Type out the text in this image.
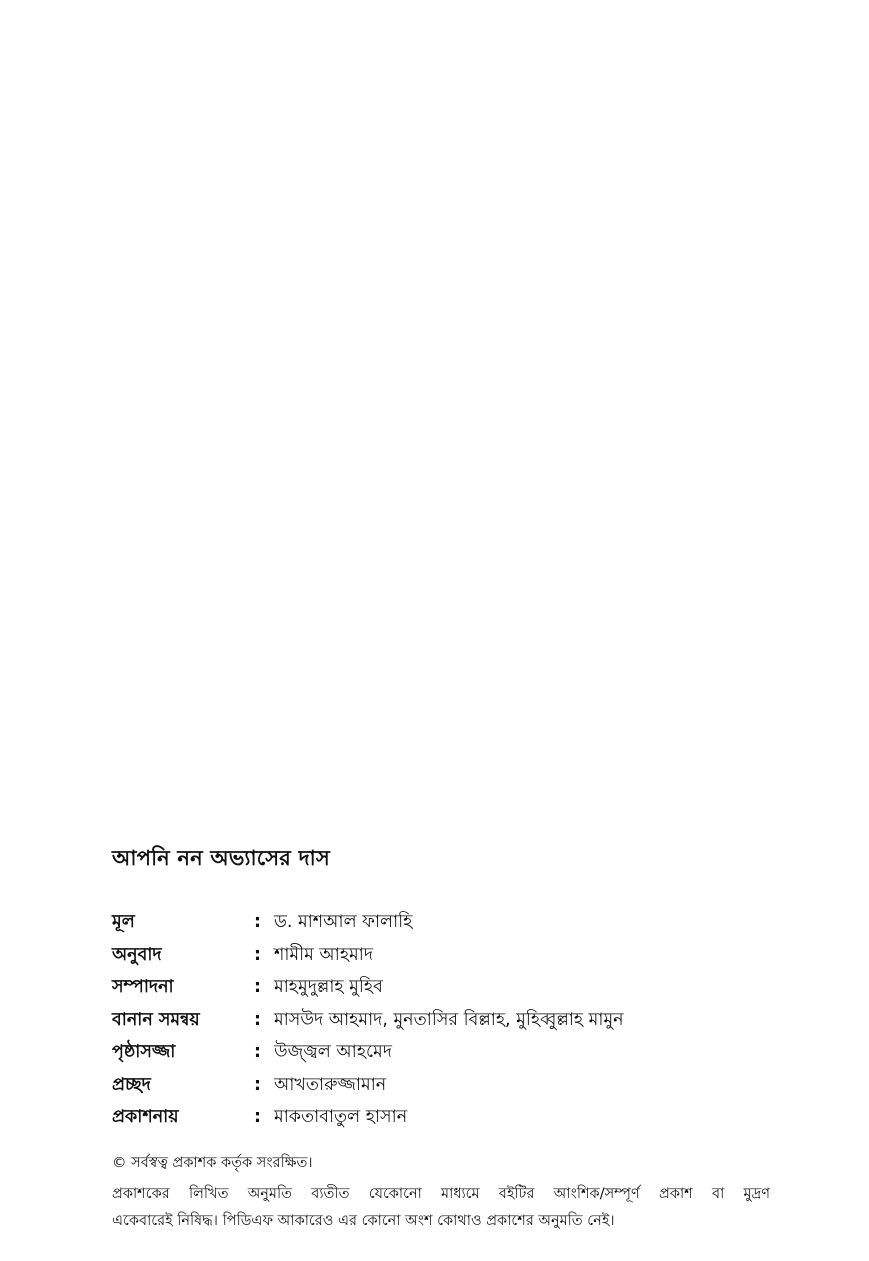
আপনি নন অভ্যাসের দাস
মূল	: ড. মাশআল ফালাহি
অনুবাদ	: শামীম আহমাদ
সম্পাদনা	: মাহমুদুল্লাহ মুহিব
বানান সমন্বয়	: মাসউদ আহমাদ, মুনতাসির বিল্লাহ, মুহিব্বুল্লাহ মামুন
পৃষ্ঠাসজ্জা	: উজ্জ্বল আহমেদ
প্রচ্ছদ	: আখতারুজ্জামান
প্রকাশনায়	: মাকতাবাতুল হাসান
© সর্বস্বত্ব প্রকাশক কর্তৃক সংরক্ষিত।
প্রকাশকের লিখিত অনুমতি ব্যতীত যেকোনো মাধ্যমে বইটির আংশিক/সম্পূর্ণ প্রকাশ বা মুদ্রণ
একেবারেই নিষিদ্ধ। পিডিএফ আকারেও এর কোনো অংশ কোথাও প্রকাশের অনুমতি নেই।
